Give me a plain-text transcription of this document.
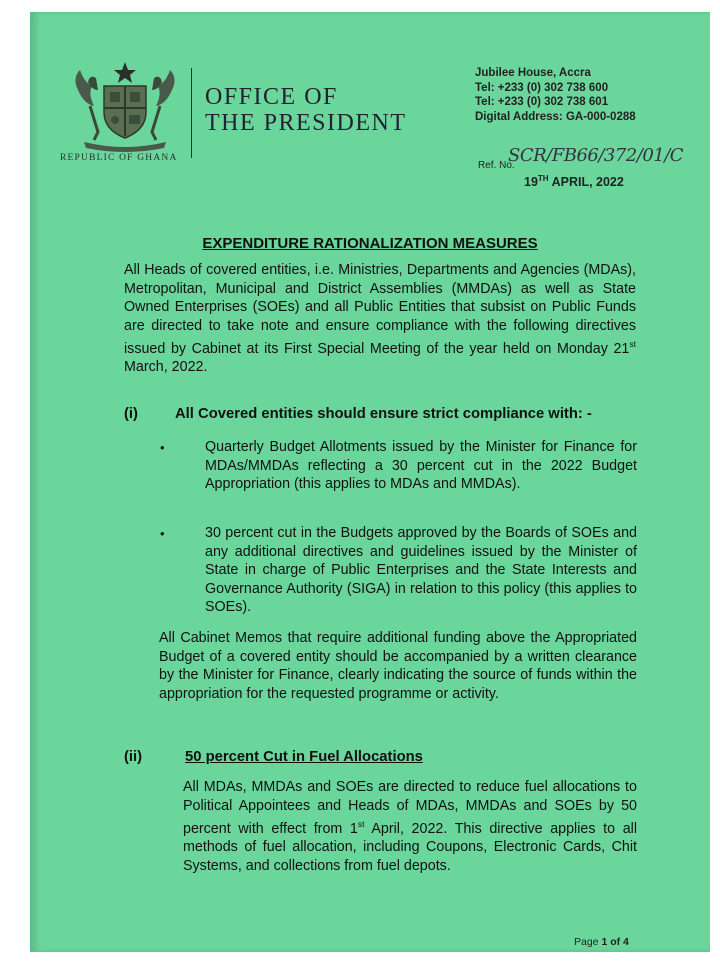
REPUBLIC OF GHANA
OFFICE OF
THE PRESIDENT
Jubilee House, Accra
Tel: +233 (0) 302 738 600
Tel: +233 (0) 302 738 601
Digital Address: GA-000-0288
Ref. No.
SCR/FB66/372/01/C
19TH APRIL, 2022
EXPENDITURE RATIONALIZATION MEASURES
All Heads of covered entities, i.e. Ministries, Departments and Agencies (MDAs), Metropolitan, Municipal and District Assemblies (MMDAs) as well as State Owned Enterprises (SOEs) and all Public Entities that subsist on Public Funds are directed to take note and ensure compliance with the following directives issued by Cabinet at its First Special Meeting of the year held on Monday 21st March, 2022.
(i)	All Covered entities should ensure strict compliance with: -
•	Quarterly Budget Allotments issued by the Minister for Finance for MDAs/MMDAs reflecting a 30 percent cut in the 2022 Budget Appropriation (this applies to MDAs and MMDAs).
•	30 percent cut in the Budgets approved by the Boards of SOEs and any additional directives and guidelines issued by the Minister of State in charge of Public Enterprises and the State Interests and Governance Authority (SIGA) in relation to this policy (this applies to SOEs).
All Cabinet Memos that require additional funding above the Appropriated Budget of a covered entity should be accompanied by a written clearance by the Minister for Finance, clearly indicating the source of funds within the appropriation for the requested programme or activity.
(ii)	50 percent Cut in Fuel Allocations
All MDAs, MMDAs and SOEs are directed to reduce fuel allocations to Political Appointees and Heads of MDAs, MMDAs and SOEs by 50 percent with effect from 1st April, 2022. This directive applies to all methods of fuel allocation, including Coupons, Electronic Cards, Chit Systems, and collections from fuel depots.
Page 1 of 4
